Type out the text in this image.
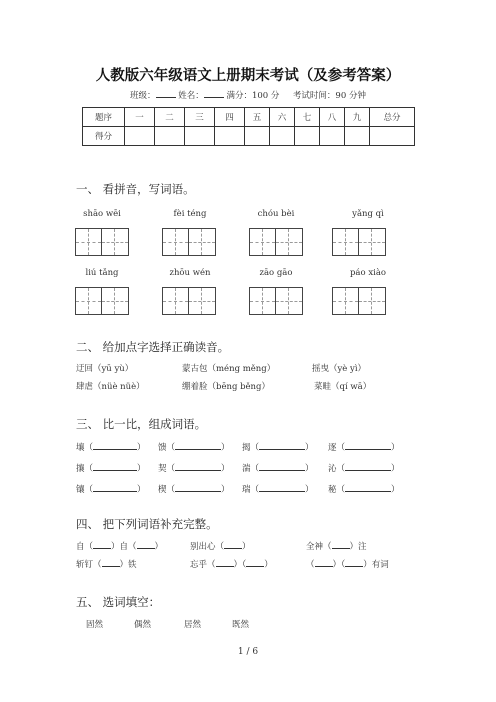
人教版六年级语文上册期末考试（及参考答案）
班级：	姓名：	满分：100 分 考试时间：90 分钟
题序	一	二	三	四	五	六	七	八	九	总分
得分										
一、 看拼音，写词语。
shāo wēi	fèi téng	chóu bèi	yǎng qì
liú tǎng	zhōu wén	zāo gāo	páo xiào
二、 给加点字选择正确读音。
迂回（yū yù）	蒙古包（méng měng）	摇曳（yè yì）
肆虐（nüè nüè）	绷着脸（bēng běng）	菜畦（qí wā）
三、 比一比，组成词语。
壤（	） 馈（	） 揭（	） 逐（	）
攘（	） 契（	） 湍（	） 沁（	）
镶（	） 楔（	） 瑞（	） 秘（	）
四、 把下列词语补充完整。
自（ ）自（ ）	别出心（ ）	全神（ ）注
斩钉（ ）铁	忘乎（ ）（ ）	（ ）（ ）有词
五、 选词填空：
固然	偶然	居然	既然
1 / 6
